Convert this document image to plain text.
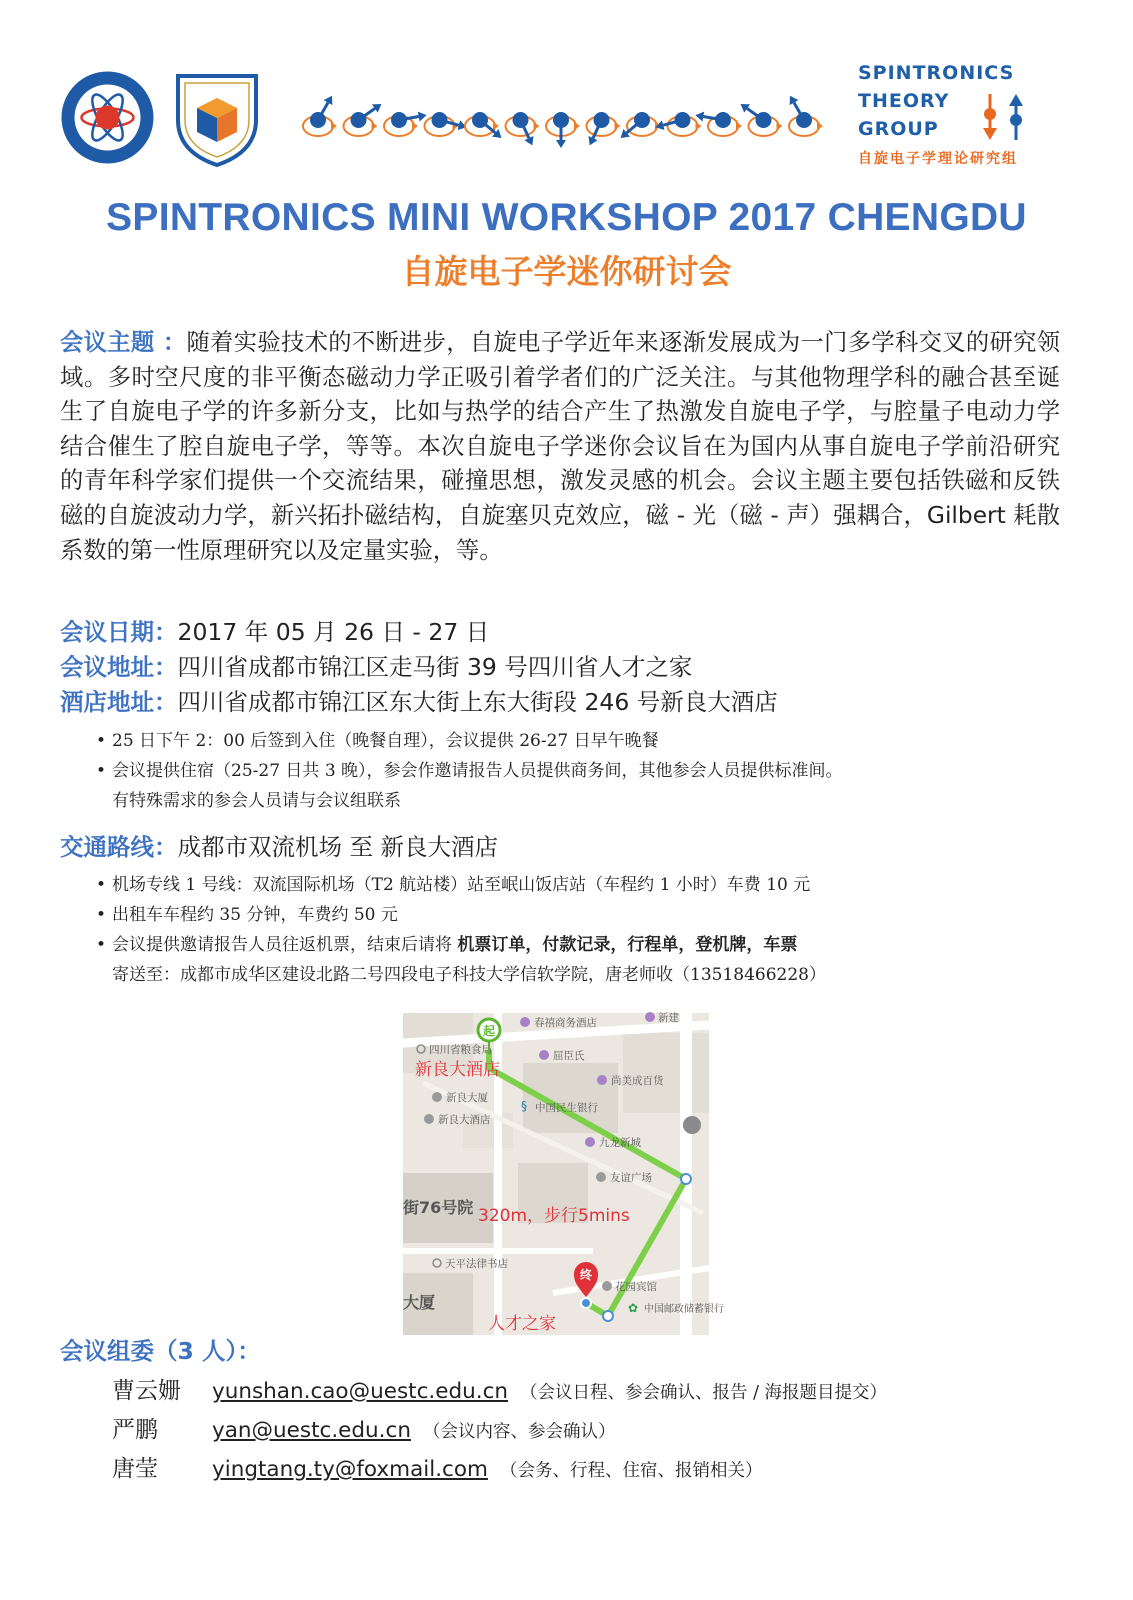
SPINTRONICS
THEORY
GROUP
自旋电子学理论研究组
SPINTRONICS MINI WORKSHOP 2017 CHENGDU
自旋电子学迷你研讨会
会议主题 ：随着实验技术的不断进步，自旋电子学近年来逐渐发展成为一门多学科交叉的研究领域。多时空尺度的非平衡态磁动力学正吸引着学者们的广泛关注。与其他物理学科的融合甚至诞生了自旋电子学的许多新分支，比如与热学的结合产生了热激发自旋电子学，与腔量子电动力学结合催生了腔自旋电子学，等等。本次自旋电子学迷你会议旨在为国内从事自旋电子学前沿研究的青年科学家们提供一个交流结果，碰撞思想，激发灵感的机会。会议主题主要包括铁磁和反铁磁的自旋波动力学，新兴拓扑磁结构，自旋塞贝克效应，磁 - 光（磁 - 声）强耦合，Gilbert 耗散系数的第一性原理研究以及定量实验，等。
会议日期：2017 年 05 月 26 日 - 27 日
会议地址：四川省成都市锦江区走马街 39 号四川省人才之家
酒店地址：四川省成都市锦江区东大街上东大街段 246 号新良大酒店
• 25 日下午 2：00 后签到入住（晚餐自理），会议提供 26-27 日早午晚餐
• 会议提供住宿（25-27 日共 3 晚），参会作邀请报告人员提供商务间，其他参会人员提供标准间。
有特殊需求的参会人员请与会议组联系
交通路线：成都市双流机场 至 新良大酒店
• 机场专线 1 号线：双流国际机场（T2 航站楼）站至岷山饭店站（车程约 1 小时）车费 10 元
• 出租车车程约 35 分钟，车费约 50 元
• 会议提供邀请报告人员往返机票，结束后请将 机票订单，付款记录，行程单，登机牌，车票
寄送至：成都市成华区建设北路二号四段电子科技大学信软学院，唐老师收（13518466228）
春禧商务酒店	新建
四川省粮食局	屈臣氏
尚美成百货
新良大厦
§ 中国民生银行
新良大酒店
九龙新城
友谊广场
天平法律书店
花园宾馆
✿ 中国邮政储蓄银行
街76号院
大厦
起
终
新良大酒店
人才之家
320m，步行5mins
会议组委（3 人）：
曹云姗 yunshan.cao@uestc.edu.cn （会议日程、参会确认、报告 / 海报题目提交）
严鹏	yan@uestc.edu.cn （会议内容、参会确认）
唐莹	yingtang.ty@foxmail.com （会务、行程、住宿、报销相关）
